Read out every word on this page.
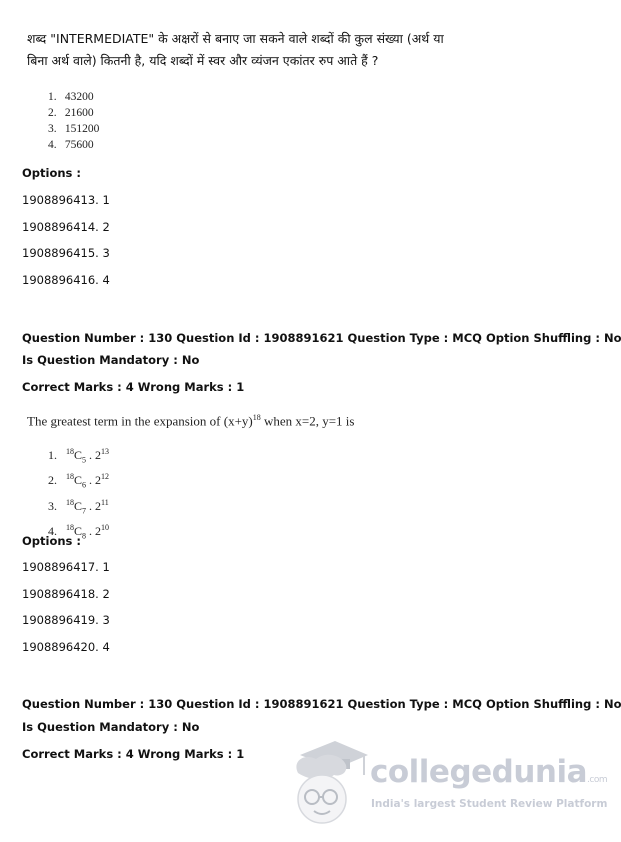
शब्द "INTERMEDIATE" के अक्षरों से बनाए जा सकने वाले शब्दों की कुल संख्या (अर्थ या
बिना अर्थ वाले) कितनी है, यदि शब्दों में स्वर और व्यंजन एकांतर रुप आते हैं ?
1. 43200
2. 21600
3. 151200
4. 75600
Options :
1908896413. 1
1908896414. 2
1908896415. 3
1908896416. 4
Question Number : 130 Question Id : 1908891621 Question Type : MCQ Option Shuffling : No
Is Question Mandatory : No
Correct Marks : 4 Wrong Marks : 1
The greatest term in the expansion of $(x+y)^{18}$ when x=2, y=1 is
1. $^{18}C_5$ . $2^{13}$
2. $^{18}C_6$ . $2^{12}$
3. $^{18}C_7$ . $2^{11}$
4. $^{18}C_8$ . $2^{10}$
Options :
1908896417. 1
1908896418. 2
1908896419. 3
1908896420. 4
Question Number : 130 Question Id : 1908891621 Question Type : MCQ Option Shuffling : No
Is Question Mandatory : No
Correct Marks : 4 Wrong Marks : 1	collegedunia.com
India's largest Student Review Platform
